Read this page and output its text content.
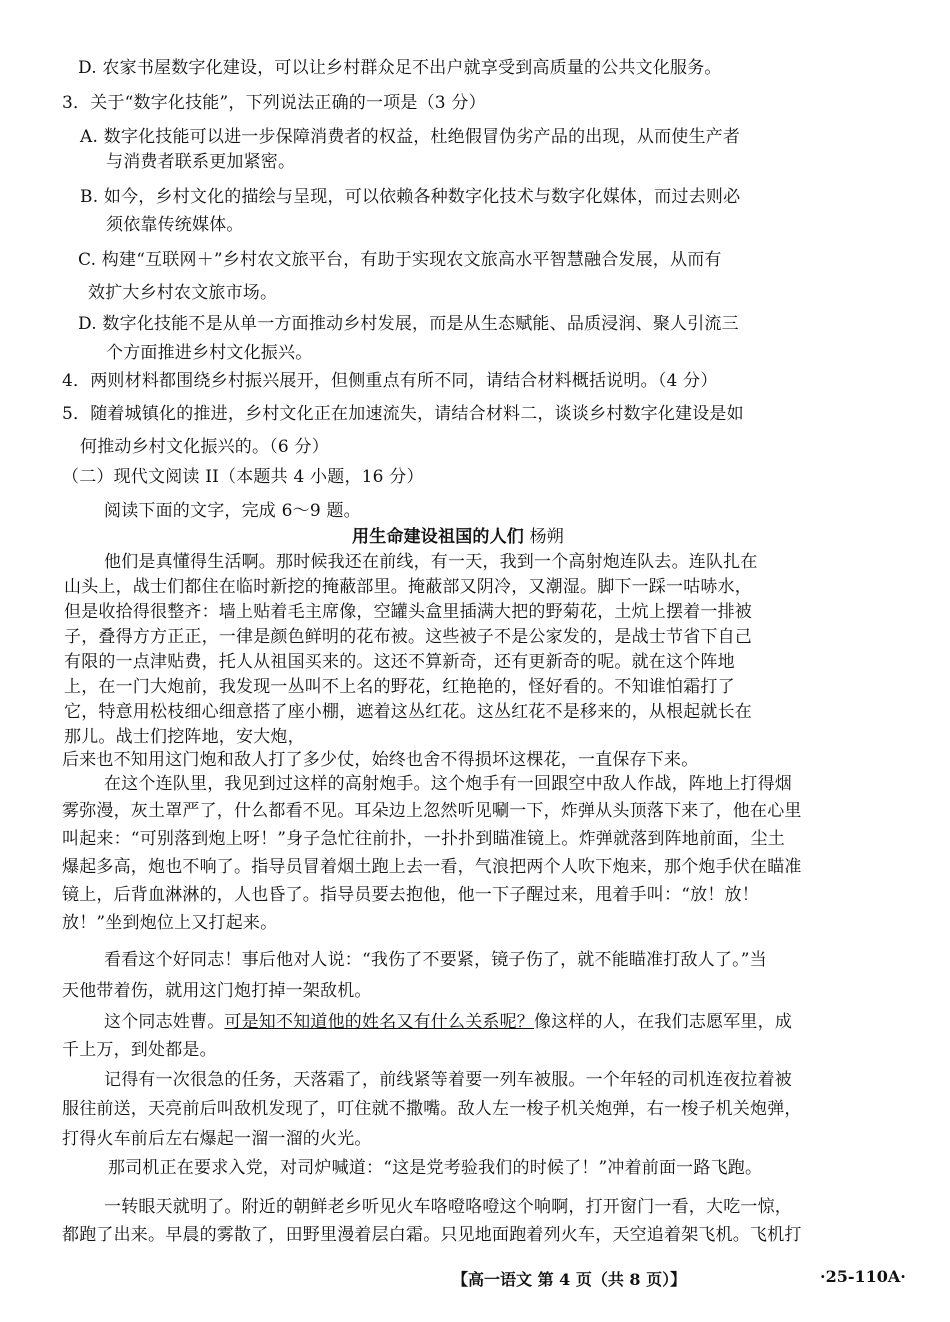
D. 农家书屋数字化建设，可以让乡村群众足不出户就享受到高质量的公共文化服务。
3．关于“数字化技能”，下列说法正确的一项是（3 分）
A. 数字化技能可以进一步保障消费者的权益，杜绝假冒伪劣产品的出现，从而使生产者
与消费者联系更加紧密。
B. 如今，乡村文化的描绘与呈现，可以依赖各种数字化技术与数字化媒体，而过去则必
须依靠传统媒体。
C. 构建“互联网＋”乡村农文旅平台，有助于实现农文旅高水平智慧融合发展，从而有
效扩大乡村农文旅市场。
D. 数字化技能不是从单一方面推动乡村发展，而是从生态赋能、品质浸润、聚人引流三
个方面推进乡村文化振兴。
4．两则材料都围绕乡村振兴展开，但侧重点有所不同，请结合材料概括说明。（4 分）
5．随着城镇化的推进，乡村文化正在加速流失，请结合材料二，谈谈乡村数字化建设是如
何推动乡村文化振兴的。（6 分）
（二）现代文阅读 II（本题共 4 小题，16 分）
阅读下面的文字，完成 6～9 题。
用生命建设祖国的人们 杨朔
他们是真懂得生活啊。那时候我还在前线，有一天，我到一个高射炮连队去。连队扎在
山头上，战士们都住在临时新挖的掩蔽部里。掩蔽部又阴冷，又潮湿。脚下一踩一咕哧水，
但是收拾得很整齐：墙上贴着毛主席像，空罐头盒里插满大把的野菊花，土炕上摆着一排被
子，叠得方方正正，一律是颜色鲜明的花布被。这些被子不是公家发的，是战士节省下自己
有限的一点津贴费，托人从祖国买来的。这还不算新奇，还有更新奇的呢。就在这个阵地
上，在一门大炮前，我发现一丛叫不上名的野花，红艳艳的，怪好看的。不知谁怕霜打了
它，特意用松枝细心细意搭了座小棚，遮着这丛红花。这丛红花不是移来的，从根起就长在
那儿。战士们挖阵地，安大炮，
后来也不知用这门炮和敌人打了多少仗，始终也舍不得损坏这棵花，一直保存下来。
在这个连队里，我见到过这样的高射炮手。这个炮手有一回跟空中敌人作战，阵地上打得烟
雾弥漫，灰土罩严了，什么都看不见。耳朵边上忽然听见唰一下，炸弹从头顶落下来了，他在心里
叫起来：“可别落到炮上呀！”身子急忙往前扑，一扑扑到瞄准镜上。炸弹就落到阵地前面，尘土
爆起多高，炮也不响了。指导员冒着烟土跑上去一看，气浪把两个人吹下炮来，那个炮手伏在瞄准
镜上，后背血淋淋的，人也昏了。指导员要去抱他，他一下子醒过来，甩着手叫：“放！放！
放！”坐到炮位上又打起来。
看看这个好同志！事后他对人说：“我伤了不要紧，镜子伤了，就不能瞄准打敌人了。”当
天他带着伤，就用这门炮打掉一架敌机。
这个同志姓曹。可是知不知道他的姓名又有什么关系呢？像这样的人，在我们志愿军里，成
千上万，到处都是。
记得有一次很急的任务，天落霜了，前线紧等着要一列车被服。一个年轻的司机连夜拉着被
服往前送，天亮前后叫敌机发现了，叮住就不撒嘴。敌人左一梭子机关炮弹，右一梭子机关炮弹，
打得火车前后左右爆起一溜一溜的火光。
那司机正在要求入党，对司炉喊道：“这是党考验我们的时候了！”冲着前面一路飞跑。
一转眼天就明了。附近的朝鲜老乡听见火车咯噔咯噔这个响啊，打开窗门一看，大吃一惊，
都跑了出来。早晨的雾散了，田野里漫着层白霜。只见地面跑着列火车，天空追着架飞机。飞机打
【高一语文 第 4 页（共 8 页）】	·25-110A·
